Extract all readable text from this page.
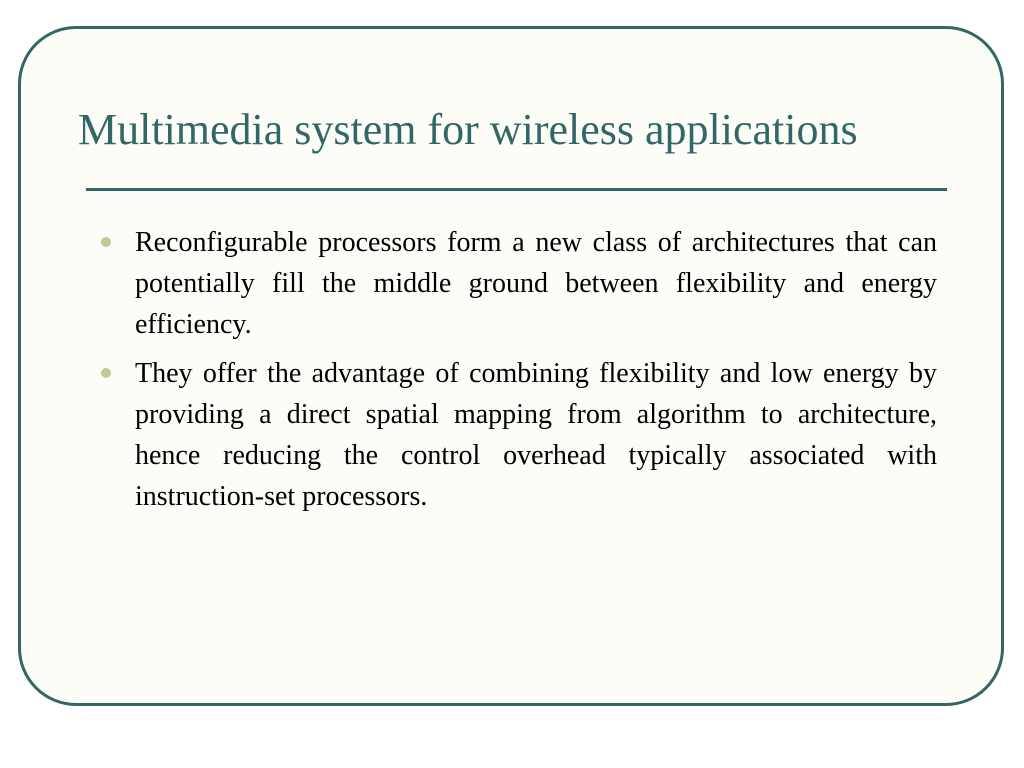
Multimedia system for wireless applications
Reconfigurable processors form a new class of architectures that can potentially fill the middle ground between flexibility and energy efficiency.
They offer the advantage of combining flexibility and low energy by providing a direct spatial mapping from algorithm to architecture, hence reducing the control overhead typically associated with instruction-set processors.
